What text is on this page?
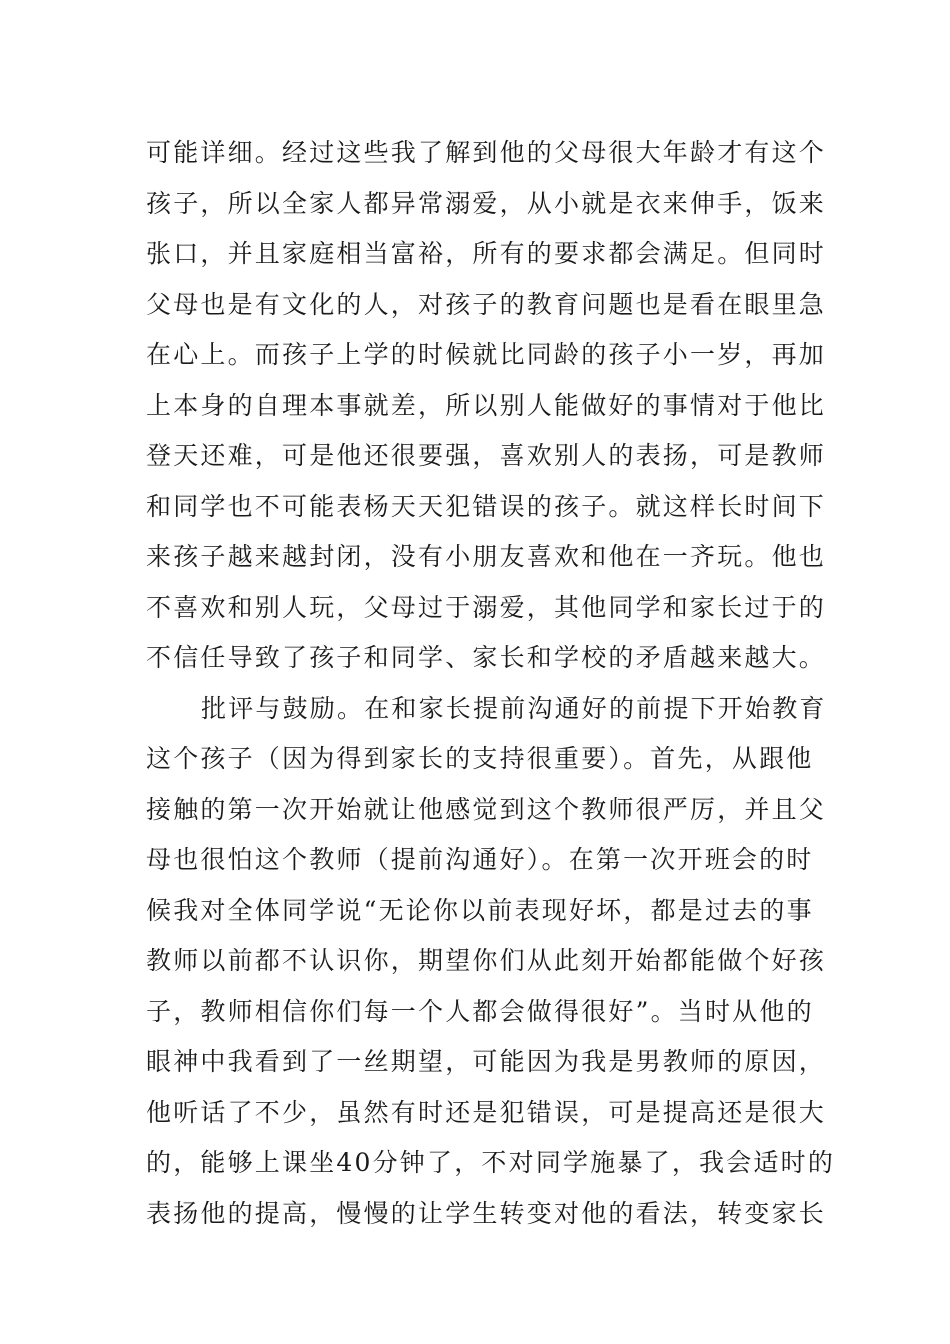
可能详细。经过这些我了解到他的父母很大年龄才有这个
孩子，所以全家人都异常溺爱，从小就是衣来伸手，饭来
张口，并且家庭相当富裕，所有的要求都会满足。但同时
父母也是有文化的人，对孩子的教育问题也是看在眼里急
在心上。而孩子上学的时候就比同龄的孩子小一岁，再加
上本身的自理本事就差，所以别人能做好的事情对于他比
登天还难，可是他还很要强，喜欢别人的表扬，可是教师
和同学也不可能表杨天天犯错误的孩子。就这样长时间下
来孩子越来越封闭，没有小朋友喜欢和他在一齐玩。他也
不喜欢和别人玩，父母过于溺爱，其他同学和家长过于的
不信任导致了孩子和同学、家长和学校的矛盾越来越大。
批评与鼓励。在和家长提前沟通好的前提下开始教育
这个孩子（因为得到家长的支持很重要）。首先，从跟他
接触的第一次开始就让他感觉到这个教师很严厉，并且父
母也很怕这个教师（提前沟通好）。在第一次开班会的时
候我对全体同学说“无论你以前表现好坏，都是过去的事
教师以前都不认识你，期望你们从此刻开始都能做个好孩
子，教师相信你们每一个人都会做得很好”。当时从他的
眼神中我看到了一丝期望，可能因为我是男教师的原因，
他听话了不少，虽然有时还是犯错误，可是提高还是很大
的，能够上课坐40分钟了，不对同学施暴了，我会适时的
表扬他的提高，慢慢的让学生转变对他的看法，转变家长
